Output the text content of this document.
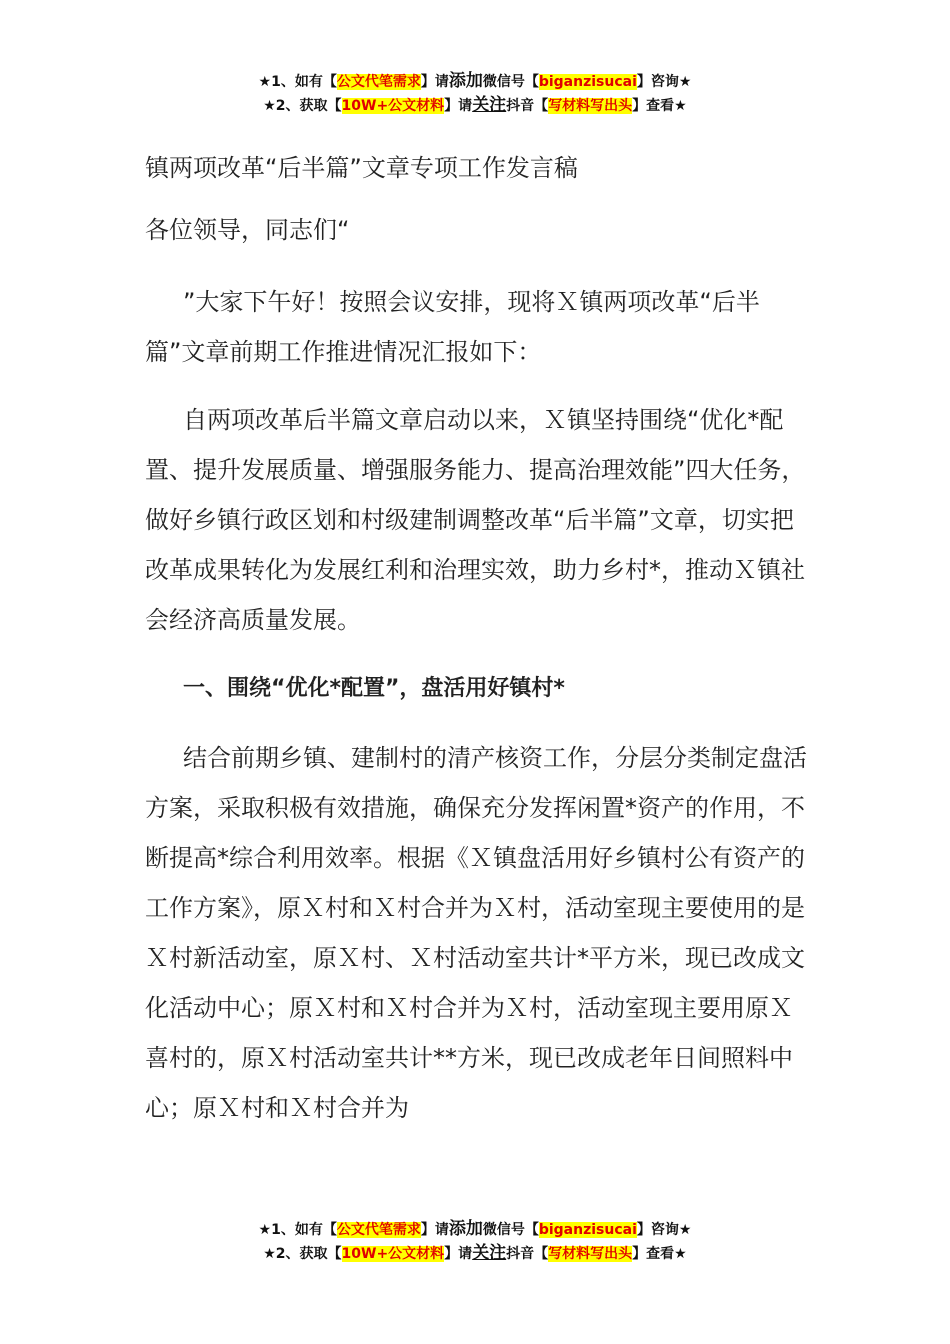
★1、如有【公文代笔需求】请添加微信号【biganzisucai】咨询★
★2、获取【10W+公文材料】请关注抖音【写材料写出头】查看★
镇两项改革“后半篇”文章专项工作发言稿
各位领导，同志们“

”大家下午好！按照会议安排，现将Ｘ镇两项改革“后半篇”文章前期工作推进情况汇报如下：

自两项改革后半篇文章启动以来，Ｘ镇坚持围绕“优化*配置、提升发展质量、增强服务能力、提高治理效能”四大任务，做好乡镇行政区划和村级建制调整改革“后半篇”文章，切实把改革成果转化为发展红利和治理实效，助力乡村*，推动Ｘ镇社会经济高质量发展。

一、围绕“优化*配置”，盘活用好镇村*

结合前期乡镇、建制村的清产核资工作，分层分类制定盘活方案，采取积极有效措施，确保充分发挥闲置*资产的作用，不断提高*综合利用效率。根据《Ｘ镇盘活用好乡镇村公有资产的工作方案》，原Ｘ村和Ｘ村合并为Ｘ村，活动室现主要使用的是Ｘ村新活动室，原Ｘ村、Ｘ村活动室共计*平方米，现已改成文化活动中心；原Ｘ村和Ｘ村合并为Ｘ村，活动室现主要用原Ｘ喜村的，原Ｘ村活动室共计**方米，现已改成老年日间照料中心；原Ｘ村和Ｘ村合并为

★1、如有【公文代笔需求】请添加微信号【biganzisucai】咨询★
★2、获取【10W+公文材料】请关注抖音【写材料写出头】查看★
